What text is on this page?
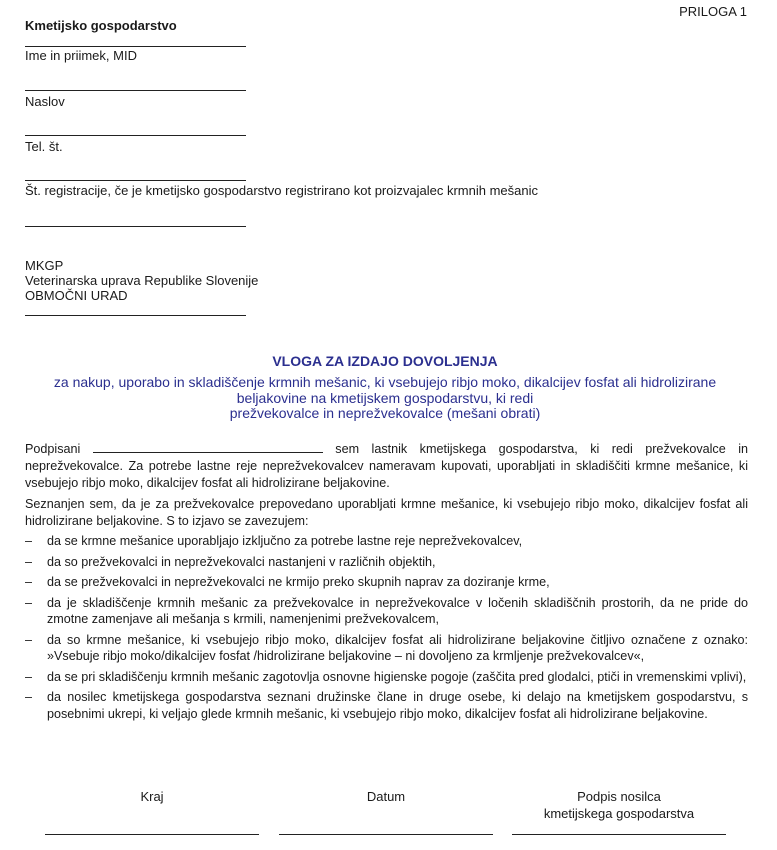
PRILOGA 1
Kmetijsko gospodarstvo
Ime in priimek, MID
Naslov
Tel. št.
Št. registracije, če je kmetijsko gospodarstvo registrirano kot proizvajalec krmnih mešanic
MKGP
Veterinarska uprava Republike Slovenije
OBMOČNI URAD
VLOGA ZA IZDAJO DOVOLJENJA
za nakup, uporabo in skladiščenje krmnih mešanic, ki vsebujejo ribjo moko, dikalcijev fosfat ali hidrolizirane
beljakovine na kmetijskem gospodarstvu, ki redi
prežvekovalce in neprežvekovalce (mešani obrati)

Podpisani	sem lastnik kmetijskega gospodarstva, ki redi prežvekovalce in neprežvekovalce. Za potrebe lastne reje neprežvekovalcev nameravam kupovati, uporabljati in skladiščiti krmne mešanice, ki vsebujejo ribjo moko, dikalcijev fosfat ali hidrolizirane beljakovine.

Seznanjen sem, da je za prežvekovalce prepovedano uporabljati krmne mešanice, ki vsebujejo ribjo moko, dikalcijev fosfat ali hidrolizirane beljakovine. S to izjavo se zavezujem:

– da se krmne mešanice uporabljajo izključno za potrebe lastne reje neprežvekovalcev,
– da so prežvekovalci in neprežvekovalci nastanjeni v različnih objektih,
– da se prežvekovalci in neprežvekovalci ne krmijo preko skupnih naprav za doziranje krme,
– da je skladiščenje krmnih mešanic za prežvekovalce in neprežvekovalce v ločenih skladiščnih prostorih, da ne pride do zmotne zamenjave ali mešanja s krmili, namenjenimi prežvekovalcem,
– da so krmne mešanice, ki vsebujejo ribjo moko, dikalcijev fosfat ali hidrolizirane beljakovine čitljivo označene z oznako: »Vsebuje ribjo moko/dikalcijev fosfat /hidrolizirane beljakovine – ni dovoljeno za krmljenje prežvekovalcev«,
– da se pri skladiščenju krmnih mešanic zagotovlja osnovne higienske pogoje (zaščita pred glodalci, ptiči in vremenskimi vplivi),
– da nosilec kmetijskega gospodarstva seznani družinske člane in druge osebe, ki delajo na kmetijskem gospodarstvu, s posebnimi ukrepi, ki veljajo glede krmnih mešanic, ki vsebujejo ribjo moko, dikalcijev fosfat ali hidrolizirane beljakovine.
Kraj	Datum	Podpis nosilca
kmetijskega gospodarstva
